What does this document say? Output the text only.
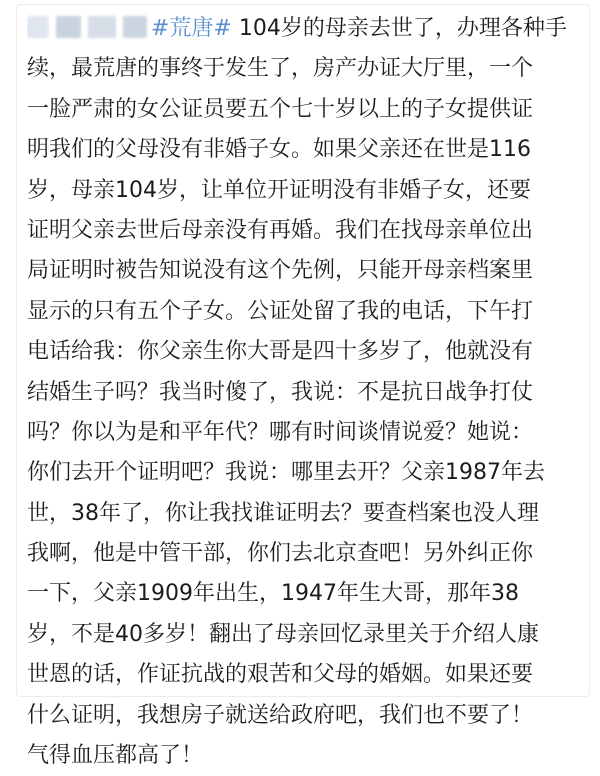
#荒唐# 104岁的母亲去世了，办理各种手
续，最荒唐的事终于发生了，房产办证大厅里，一个
一脸严肃的女公证员要五个七十岁以上的子女提供证
明我们的父母没有非婚子女。如果父亲还在世是116
岁，母亲104岁，让单位开证明没有非婚子女，还要
证明父亲去世后母亲没有再婚。我们在找母亲单位出
局证明时被告知说没有这个先例，只能开母亲档案里
显示的只有五个子女。公证处留了我的电话，下午打
电话给我：你父亲生你大哥是四十多岁了，他就没有
结婚生子吗？我当时傻了，我说：不是抗日战争打仗
吗？你以为是和平年代？哪有时间谈情说爱？她说：
你们去开个证明吧？我说：哪里去开？父亲1987年去
世，38年了，你让我找谁证明去？要查档案也没人理
我啊，他是中管干部，你们去北京查吧！另外纠正你
一下，父亲1909年出生，1947年生大哥，那年38
岁，不是40多岁！翻出了母亲回忆录里关于介绍人康
世恩的话，作证抗战的艰苦和父母的婚姻。如果还要
什么证明，我想房子就送给政府吧，我们也不要了！
气得血压都高了！
